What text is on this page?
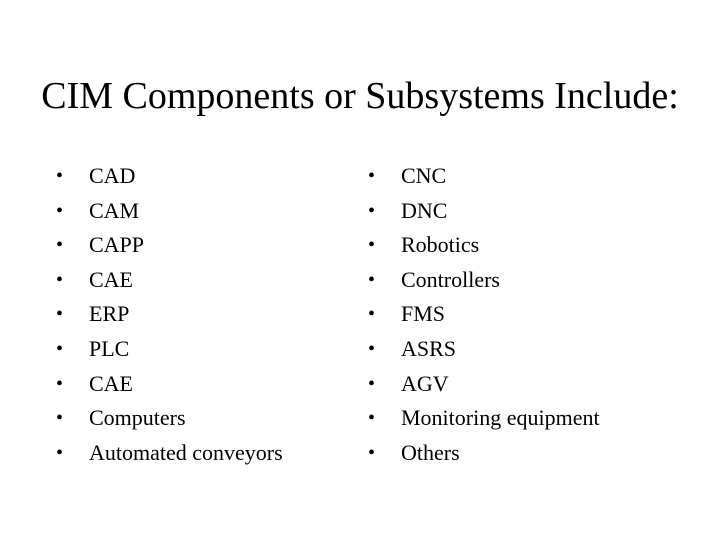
CIM Components or Subsystems Include:
•	CAD
•	CAM
•	CAPP
•	CAE
•	ERP
•	PLC
•	CAE
•	Computers
•	Automated conveyors
•	CNC
•	DNC
•	Robotics
•	Controllers
•	FMS
•	ASRS
•	AGV
•	Monitoring equipment
•	Others
